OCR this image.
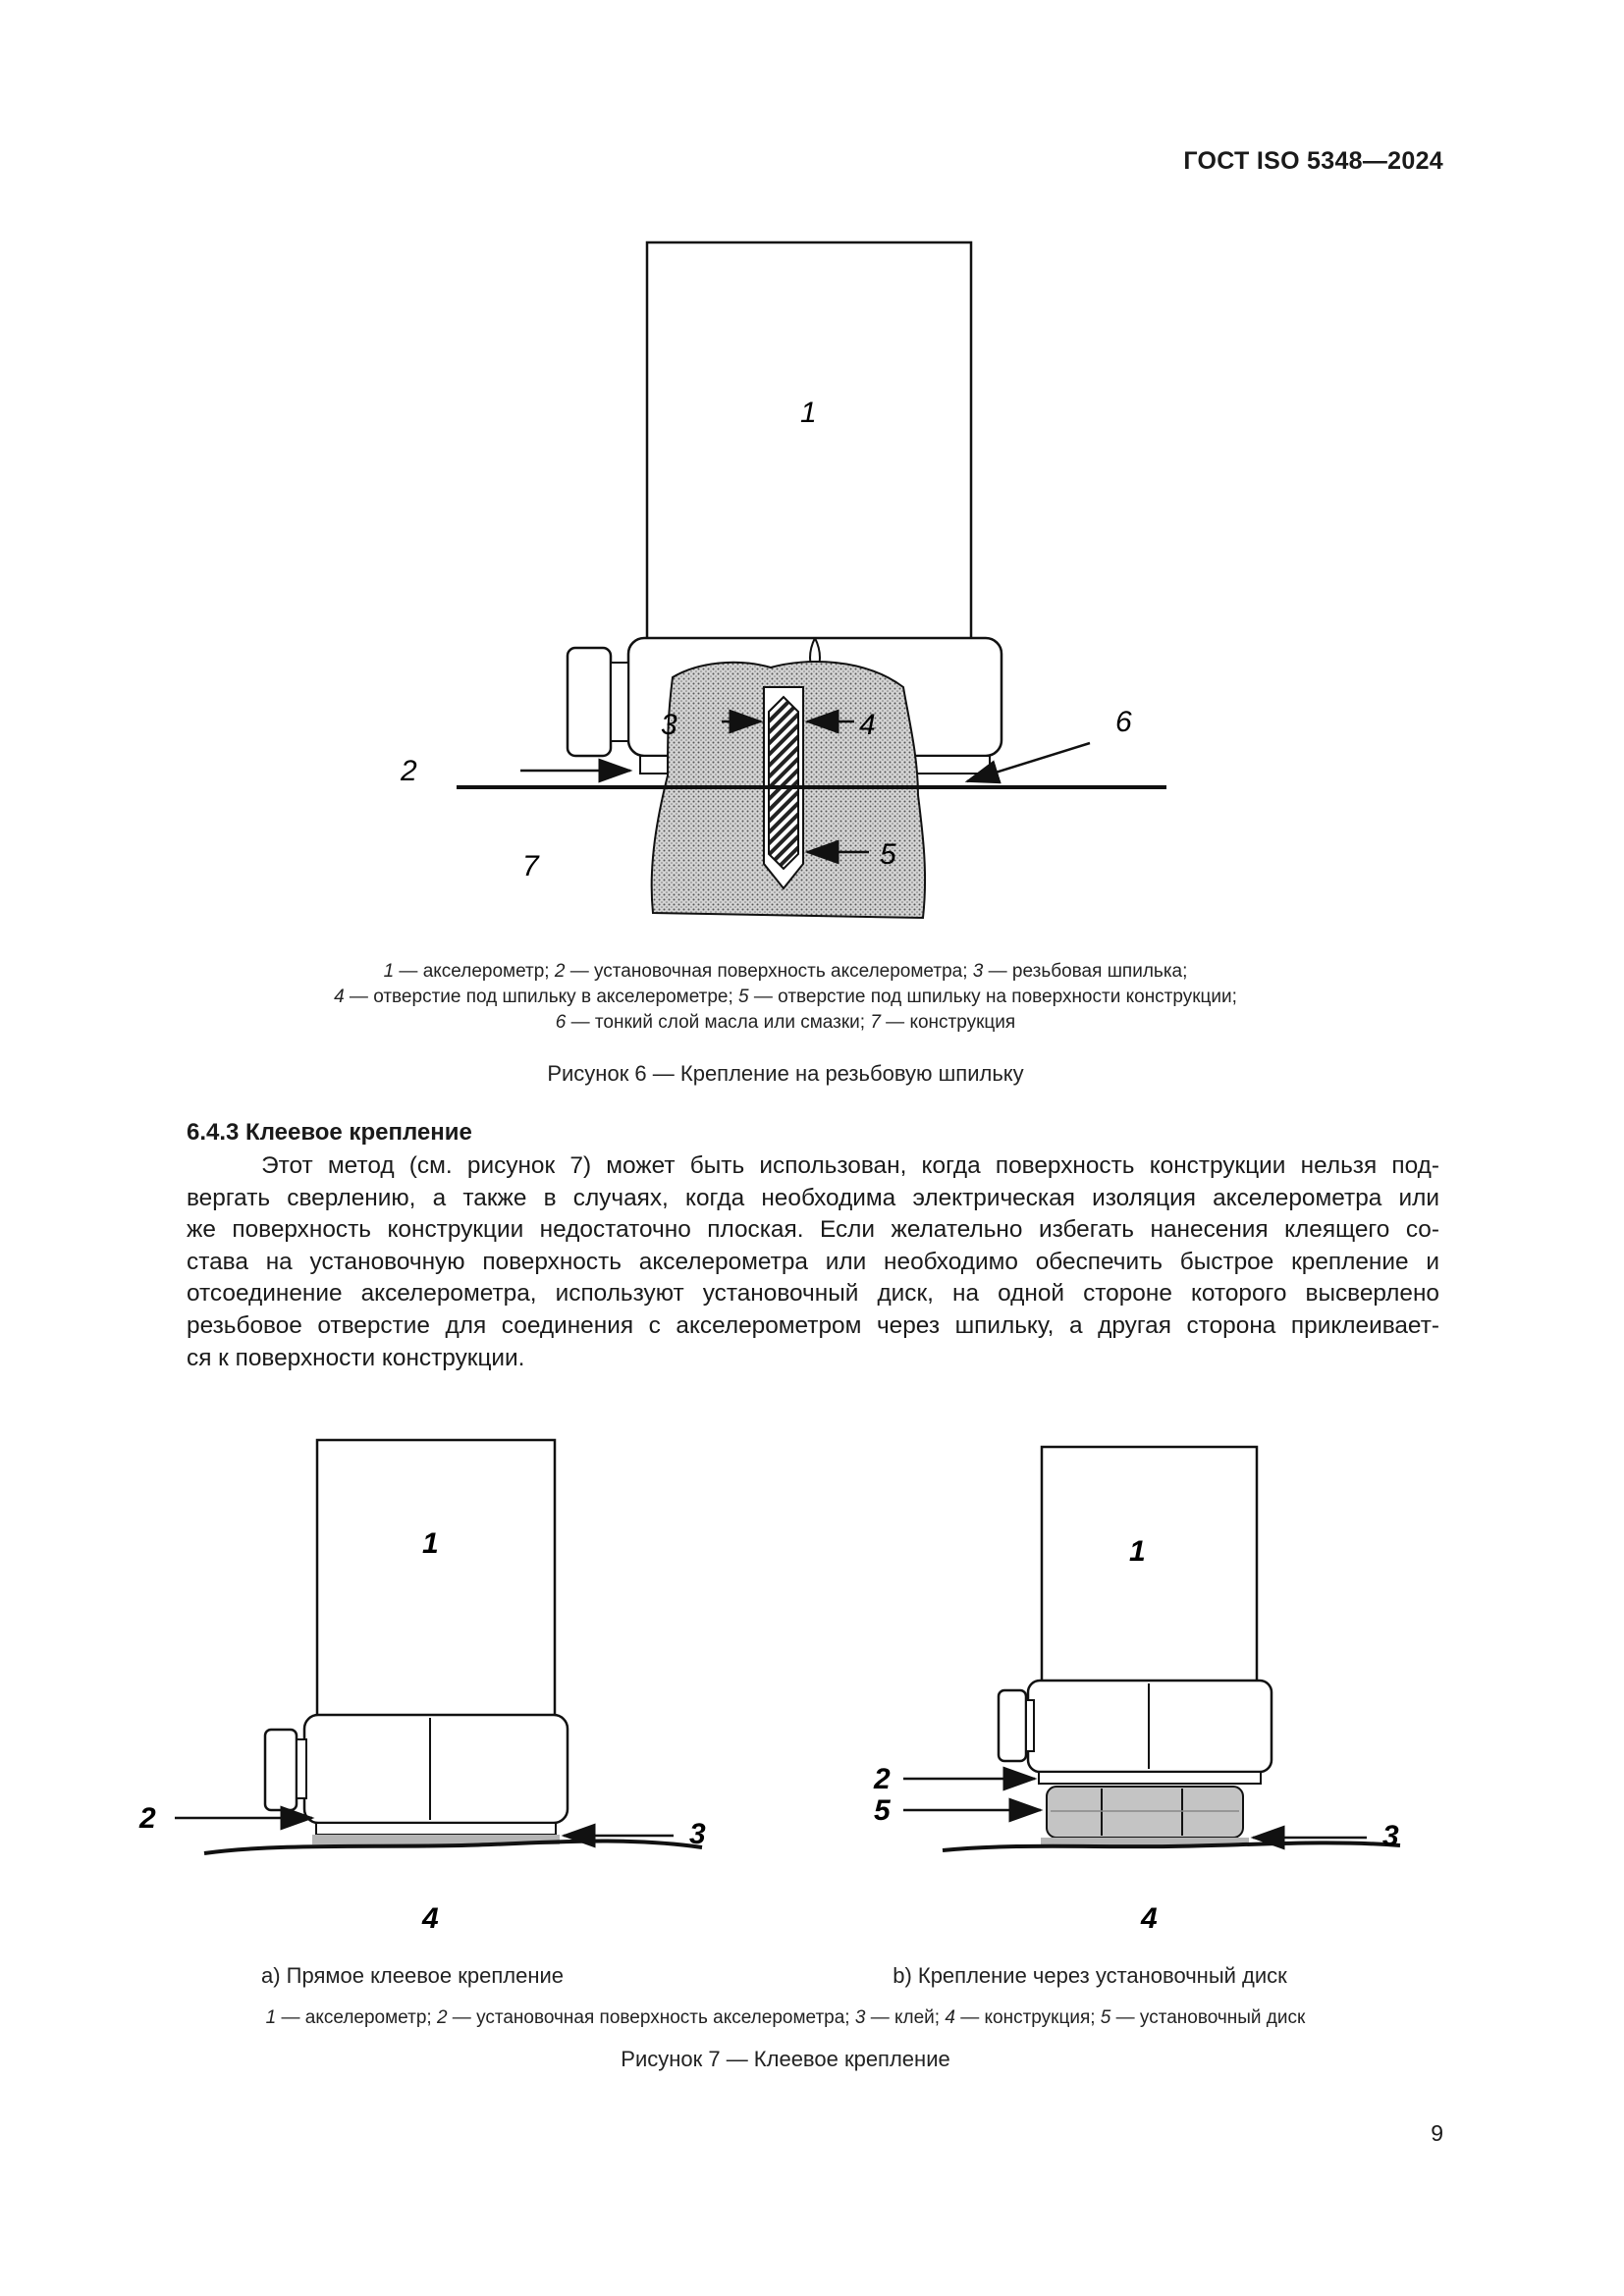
ГОСТ ISO 5348—2024
1
2
3	4
5
6
7
1 — акселерометр; 2 — установочная поверхность акселерометра; 3 — резьбовая шпилька;
4 — отверстие под шпильку в акселерометре; 5 — отверстие под шпильку на поверхности конструкции;
6 — тонкий слой масла или смазки; 7 — конструкция
Рисунок 6 — Крепление на резьбовую шпильку
6.4.3 Клеевое крепление
Этот метод (см. рисунок 7) может быть использован, когда поверхность конструкции нельзя под-
вергать сверлению, а также в случаях, когда необходима электрическая изоляция акселерометра или
же поверхность конструкции недостаточно плоская. Если желательно избегать нанесения клеящего со-
става на установочную поверхность акселерометра или необходимо обеспечить быстрое крепление и
отсоединение акселерометра, используют установочный диск, на одной стороне которого высверлено
резьбовое отверстие для соединения с акселерометром через шпильку, а другая сторона приклеивает-
ся к поверхности конструкции.
1
2	3
4
1
2
5
3
4
a) Прямое клеевое крепление	b) Крепление через установочный диск
1 — акселерометр; 2 — установочная поверхность акселерометра; 3 — клей; 4 — конструкция; 5 — установочный диск
Рисунок 7 — Клеевое крепление
9
